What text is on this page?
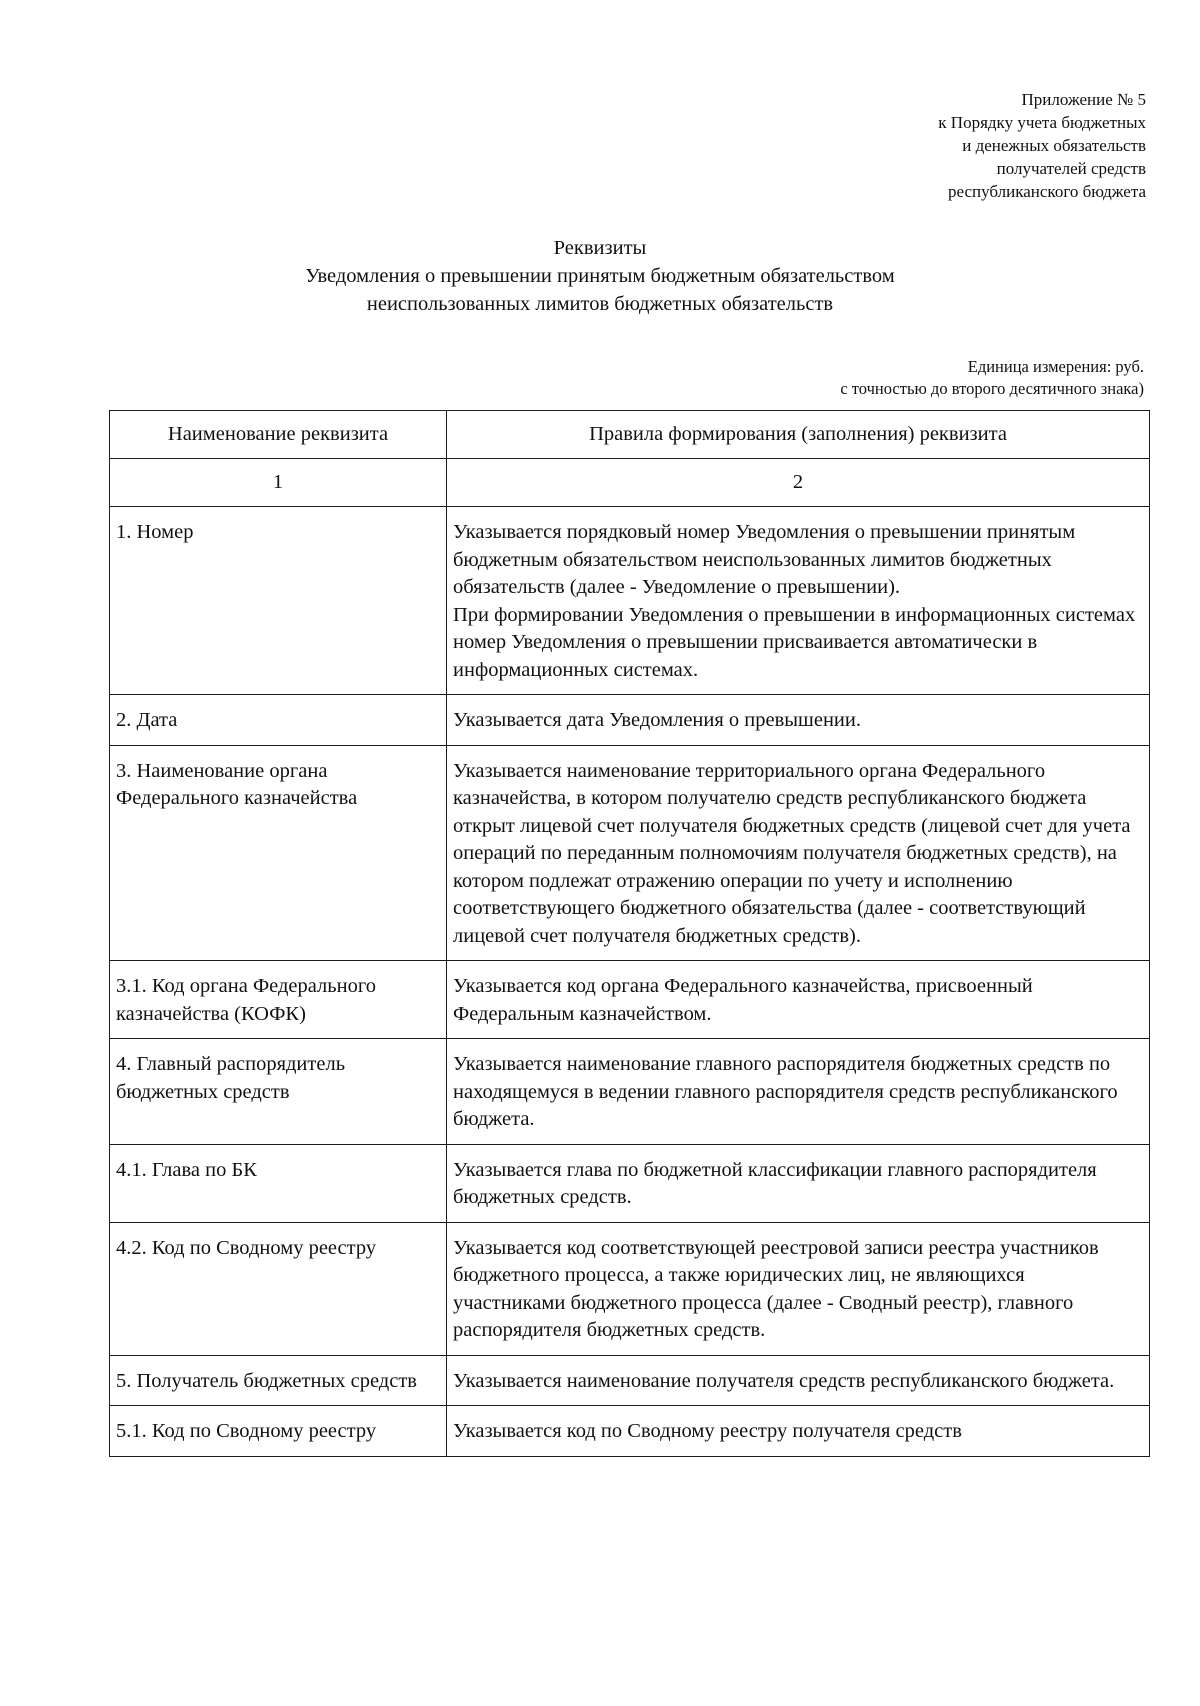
Приложение № 5
к Порядку учета бюджетных
и денежных обязательств
получателей средств
республиканского бюджета
Реквизиты
Уведомления о превышении принятым бюджетным обязательством
неиспользованных лимитов бюджетных обязательств
Единица измерения: руб.
с точностью до второго десятичного знака)
Наименование реквизита	Правила формирования (заполнения) реквизита
1	2
1. Номер	Указывается порядковый номер Уведомления о превышении принятым бюджетным обязательством неиспользованных лимитов бюджетных обязательств (далее - Уведомление о превышении).
При формировании Уведомления о превышении в информационных системах номер Уведомления о превышении присваивается автоматически в информационных системах.

2. Дата	Указывается дата Уведомления о превышении.
3. Наименование органа Федерального казначейства	Указывается наименование территориального органа Федерального казначейства, в котором получателю средств республиканского бюджета открыт лицевой счет получателя бюджетных средств (лицевой счет для учета операций по переданным полномочиям получателя бюджетных средств), на котором подлежат отражению операции по учету и исполнению соответствующего бюджетного обязательства (далее - соответствующий лицевой счет получателя бюджетных средств).
3.1. Код органа Федерального казначейства (КОФК)	Указывается код органа Федерального казначейства, присвоенный Федеральным казначейством.
4. Главный распорядитель бюджетных средств	Указывается наименование главного распорядителя бюджетных средств по находящемуся в ведении главного распорядителя средств республиканского бюджета.
4.1. Глава по БК	Указывается глава по бюджетной классификации главного распорядителя бюджетных средств.
4.2. Код по Сводному реестру	Указывается код соответствующей реестровой записи реестра участников бюджетного процесса, а также юридических лиц, не являющихся участниками бюджетного процесса (далее - Сводный реестр), главного распорядителя бюджетных средств.
5. Получатель бюджетных средств	Указывается наименование получателя средств республиканского бюджета.
5.1. Код по Сводному реестру	Указывается код по Сводному реестру получателя средств
